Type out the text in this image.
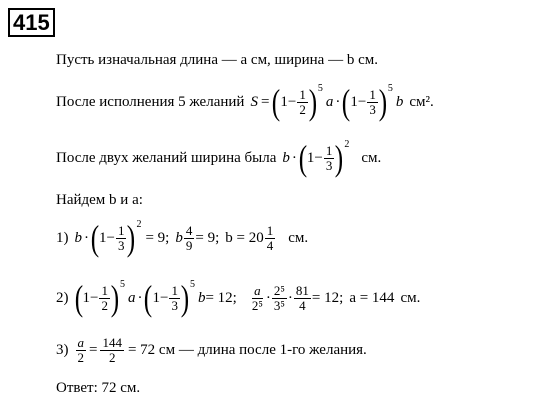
415
Пусть изначальная длина — a см, ширина — b см.
После исполнения 5 желаний S = ( $1 - \frac{1}{2}$ ) 5
a · ( $1 - \frac{1}{3}$ ) 5
b см².
После двух желаний ширина была b · ( $1 - \frac{1}{3}$ ) 2
см.
Найдем b и a:
1) b · ( $1 - \frac{1}{3}$ ) 2
= 9; b $\frac{4}{9} = 9$; $b = 20 \frac{1}{4}$ см.
2) ( $1 - \frac{1}{2}$ ) 5
a · ( $1 - \frac{1}{3}$ ) 5
b = 12; $\frac{a}{\text{2⁵}} \cdot \frac{\text{2⁵}}{\text{3⁵}} \cdot \frac{81}{4} = 12$; a = 144 см.
$3) \frac{a}{2} = \frac{144}{2} = 72$ см — длина после 1-го желания.
Ответ: 72 см.
